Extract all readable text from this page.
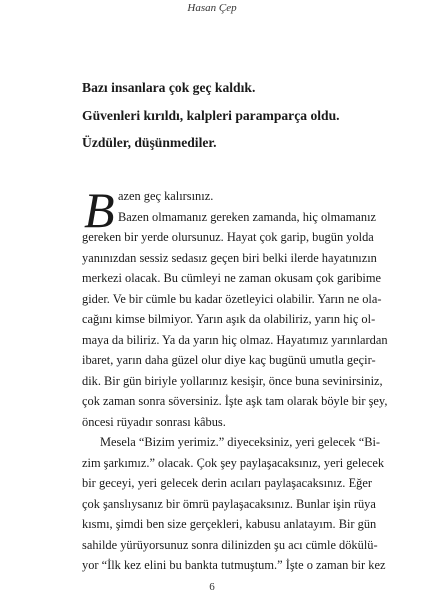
Hasan Çep
Bazı insanlara çok geç kaldık.
Güvenleri kırıldı, kalpleri paramparça oldu.
Üzdüler, düşünmediler.
B azen geç kalırsınız.
Bazen olmamanız gereken zamanda, hiç olmamanız
gereken bir yerde olursunuz. Hayat çok garip, bugün yolda
yanınızdan sessiz sedasız geçen biri belki ilerde hayatınızın
merkezi olacak. Bu cümleyi ne zaman okusam çok garibime
gider. Ve bir cümle bu kadar özetleyici olabilir. Yarın ne ola-
cağını kimse bilmiyor. Yarın aşık da olabiliriz, yarın hiç ol-
maya da biliriz. Ya da yarın hiç olmaz. Hayatımız yarınlardan
ibaret, yarın daha güzel olur diye kaç bugünü umutla geçir-
dik. Bir gün biriyle yollarınız kesişir, önce buna sevinirsiniz,
çok zaman sonra söversiniz. İşte aşk tam olarak böyle bir şey,
öncesi rüyadır sonrası kâbus.
Mesela “Bizim yerimiz.” diyeceksiniz, yeri gelecek “Bi-
zim şarkımız.” olacak. Çok şey paylaşacaksınız, yeri gelecek
bir geceyi, yeri gelecek derin acıları paylaşacaksınız. Eğer
çok şanslıysanız bir ömrü paylaşacaksınız. Bunlar işin rüya
kısmı, şimdi ben size gerçekleri, kabusu anlatayım. Bir gün
sahilde yürüyorsunuz sonra dilinizden şu acı cümle dökülü-
yor “İlk kez elini bu bankta tutmuştum.” İşte o zaman bir kez
6
